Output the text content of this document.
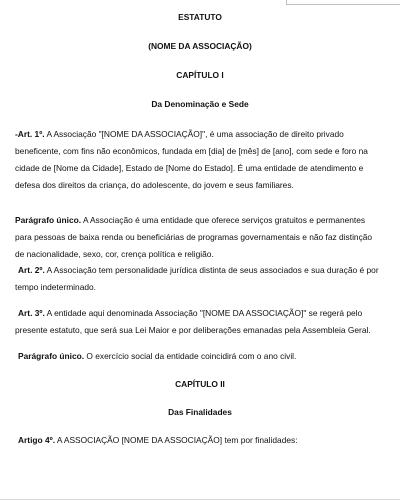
ESTATUTO
(NOME DA ASSOCIAÇÃO)
CAPÍTULO I
Da Denominação e Sede
-Art. 1º. A Associação "[NOME DA ASSOCIAÇÃO]", é uma associação de direito privado
beneficente, com fins não econômicos, fundada em [dia] de [mês] de [ano], com sede e foro na
cidade de [Nome da Cidade], Estado de [Nome do Estado]. É uma entidade de atendimento e
defesa dos direitos da criança, do adolescente, do jovem e seus familiares.
Parágrafo único. A Associação é uma entidade que oferece serviços gratuitos e permanentes
para pessoas de baixa renda ou beneficiárias de programas governamentais e não faz distinção
de nacionalidade, sexo, cor, crença política e religião.
Art. 2º. A Associação tem personalidade jurídica distinta de seus associados e sua duração é por
tempo indeterminado.
Art. 3º. A entidade aqui denominada Associação "[NOME DA ASSOCIAÇÃO]" se regerá pelo
presente estatuto, que será sua Lei Maior e por deliberações emanadas pela Assembleia Geral.
Parágrafo único. O exercício social da entidade coincidirá com o ano civil.
CAPÍTULO II
Das Finalidades
Artigo 4º. A ASSOCIAÇÃO [NOME DA ASSOCIAÇÃO] tem por finalidades:
